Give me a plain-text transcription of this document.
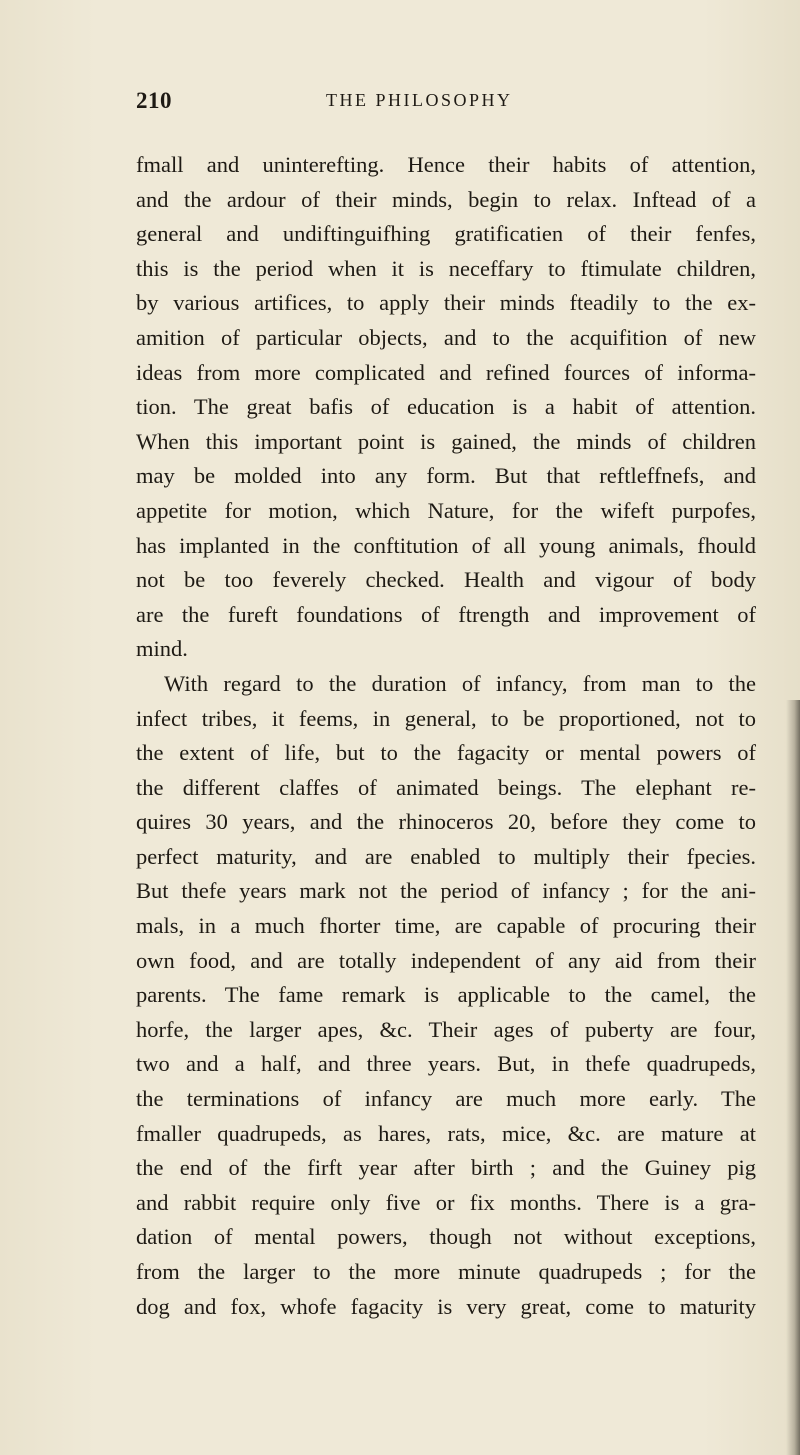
210	THE PHILOSOPHY
fmall and uninterefting. Hence their habits of attention,
and the ardour of their minds, begin to relax. Inftead of a
general and undiftinguifhing gratificatien of their fenfes,
this is the period when it is neceffary to ftimulate children,
by various artifices, to apply their minds fteadily to the ex-
amition of particular objects, and to the acquifition of new
ideas from more complicated and refined fources of informa-
tion. The great bafis of education is a habit of attention.
When this important point is gained, the minds of children
may be molded into any form. But that reftleffnefs, and
appetite for motion, which Nature, for the wifeft purpofes,
has implanted in the conftitution of all young animals, fhould
not be too feverely checked. Health and vigour of body
are the fureft foundations of ftrength and improvement of
mind.
With regard to the duration of infancy, from man to the
infect tribes, it feems, in general, to be proportioned, not to
the extent of life, but to the fagacity or mental powers of
the different claffes of animated beings. The elephant re-
quires 30 years, and the rhinoceros 20, before they come to
perfect maturity, and are enabled to multiply their fpecies.
But thefe years mark not the period of infancy ; for the ani-
mals, in a much fhorter time, are capable of procuring their
own food, and are totally independent of any aid from their
parents. The fame remark is applicable to the camel, the
horfe, the larger apes, &c. Their ages of puberty are four,
two and a half, and three years. But, in thefe quadrupeds,
the terminations of infancy are much more early. The
fmaller quadrupeds, as hares, rats, mice, &c. are mature at
the end of the firft year after birth ; and the Guiney pig
and rabbit require only five or fix months. There is a gra-
dation of mental powers, though not without exceptions,
from the larger to the more minute quadrupeds ; for the
dog and fox, whofe fagacity is very great, come to maturity
